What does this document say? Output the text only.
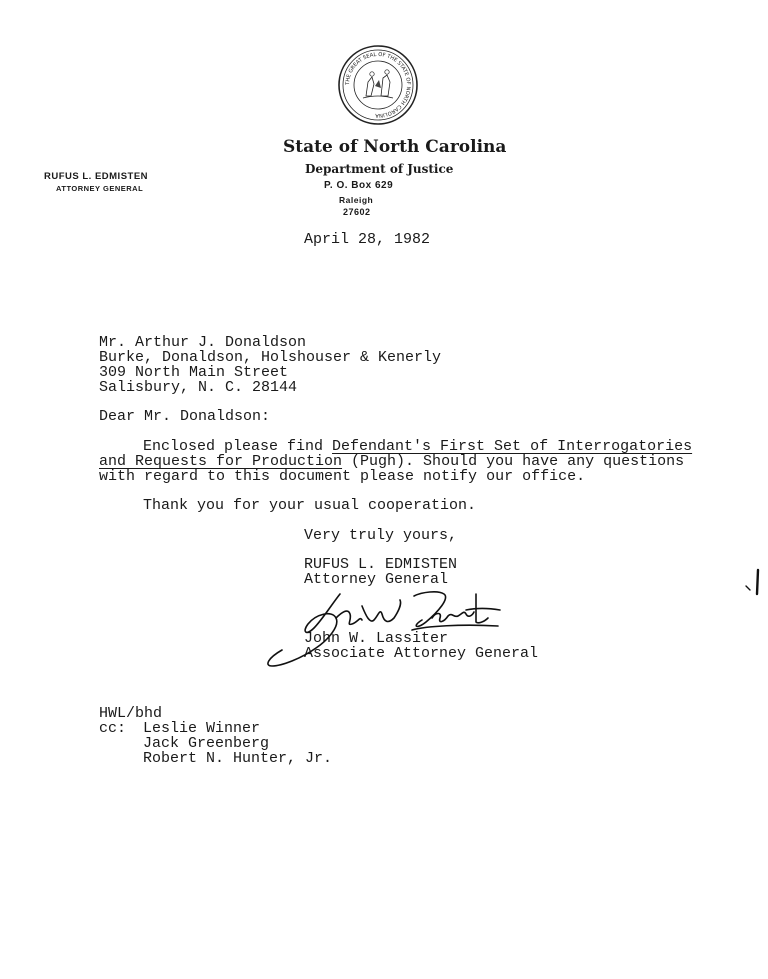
THE GREAT SEAL OF THE STATE OF NORTH CAROLINA
State of North Carolina
Department of Justice
P. O. Box 629
Raleigh
27602
RUFUS L. EDMISTEN
ATTORNEY GENERAL
April 28, 1982
Mr. Arthur J. Donaldson
Burke, Donaldson, Holshouser & Kenerly
309 North Main Street
Salisbury, N. C. 28144
Dear Mr. Donaldson:
Enclosed please find Defendant's First Set of Interrogatories
and Requests for Production (Pugh). Should you have any questions
with regard to this document please notify our office.
Thank you for your usual cooperation.
Very truly yours,
RUFUS L. EDMISTEN
Attorney General
John W. Lassiter
Associate Attorney General
HWL/bhd
cc: Leslie Winner
Jack Greenberg
Robert N. Hunter, Jr.
